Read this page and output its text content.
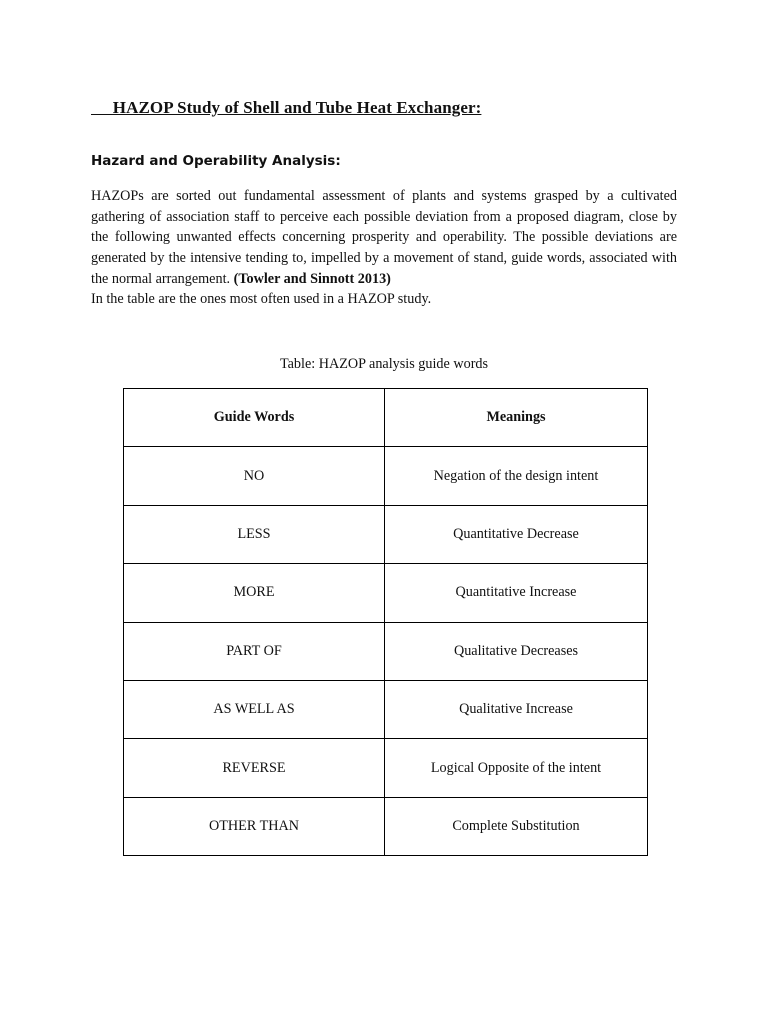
HAZOP Study of Shell and Tube Heat Exchanger:
Hazard and Operability Analysis:

HAZOPs are sorted out fundamental assessment of plants and systems grasped by a cultivated gathering of association staff to perceive each possible deviation from a proposed diagram, close by the following unwanted effects concerning prosperity and operability. The possible deviations are generated by the intensive tending to, impelled by a movement of stand, guide words, associated with the normal arrangement. (Towler and Sinnott 2013)

In the table are the ones most often used in a HAZOP study.

Table: HAZOP analysis guide words

Guide Words	Meanings
NO	Negation of the design intent
LESS	Quantitative Decrease
MORE	Quantitative Increase
PART OF	Qualitative Decreases
AS WELL AS	Qualitative Increase
REVERSE	Logical Opposite of the intent
OTHER THAN	Complete Substitution
